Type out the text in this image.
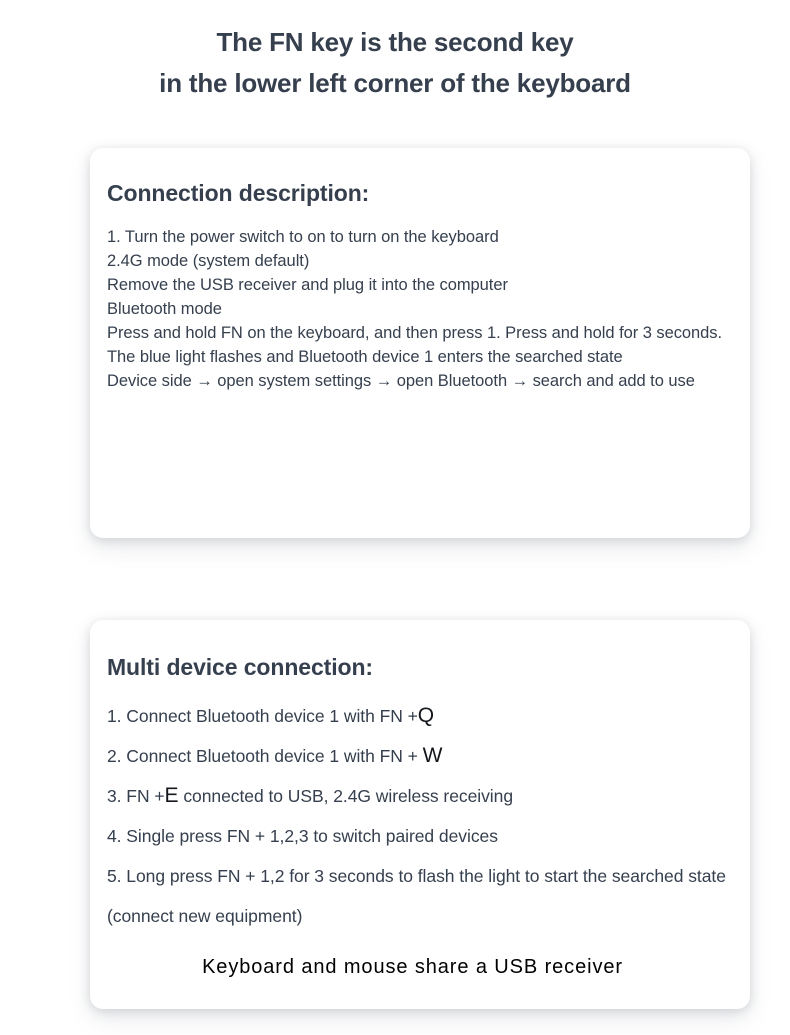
The FN key is the second key
in the lower left corner of the keyboard
Connection description:

1. Turn the power switch to on to turn on the keyboard

2.4G mode (system default)

Remove the USB receiver and plug it into the computer

Bluetooth mode

Press and hold FN on the keyboard, and then press 1. Press and hold for 3 seconds. The blue light flashes and Bluetooth device 1 enters the searched state

Device side → open system settings → open Bluetooth → search and add to use

Multi device connection:
1. Connect Bluetooth device 1 with FN +Q
2. Connect Bluetooth device 1 with FN + W
3. FN +E connected to USB, 2.4G wireless receiving
4. Single press FN + 1,2,3 to switch paired devices
5. Long press FN + 1,2 for 3 seconds to flash the light to start the searched state (connect new equipment)
Keyboard and mouse share a USB receiver
